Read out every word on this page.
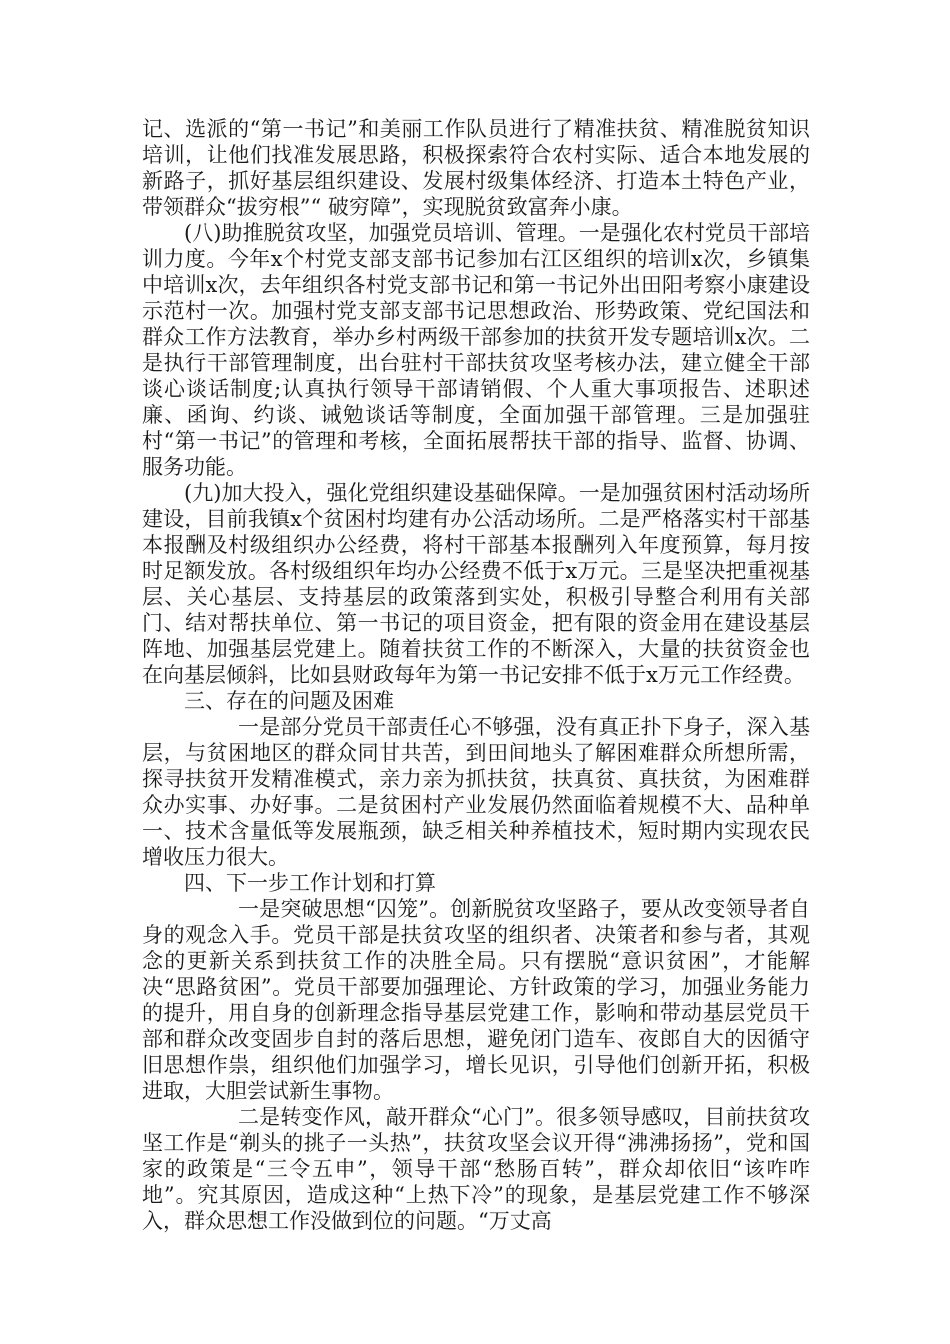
记、选派的“第一书记”和美丽工作队员进行了精准扶贫、精准脱贫知识培训，让他们找准发展思路，积极探索符合农村实际、适合本地发展的新路子，抓好基层组织建设、发展村级集体经济、打造本土特色产业，带领群众“拔穷根”“ 破穷障”，实现脱贫致富奔小康。

(八)助推脱贫攻坚，加强党员培训、管理。一是强化农村党员干部培训力度。今年x个村党支部支部书记参加右江区组织的培训x次，乡镇集中培训x次，去年组织各村党支部书记和第一书记外出田阳考察小康建设示范村一次。加强村党支部支部书记思想政治、形势政策、党纪国法和群众工作方法教育，举办乡村两级干部参加的扶贫开发专题培训x次。二是执行干部管理制度，出台驻村干部扶贫攻坚考核办法，建立健全干部谈心谈话制度;认真执行领导干部请销假、个人重大事项报告、述职述廉、函询、约谈、诫勉谈话等制度，全面加强干部管理。三是加强驻村“第一书记”的管理和考核，全面拓展帮扶干部的指导、监督、协调、服务功能。

(九)加大投入，强化党组织建设基础保障。一是加强贫困村活动场所建设，目前我镇x个贫困村均建有办公活动场所。二是严格落实村干部基本报酬及村级组织办公经费，将村干部基本报酬列入年度预算，每月按时足额发放。各村级组织年均办公经费不低于x万元。三是坚决把重视基层、关心基层、支持基层的政策落到实处，积极引导整合利用有关部门、结对帮扶单位、第一书记的项目资金，把有限的资金用在建设基层阵地、加强基层党建上。随着扶贫工作的不断深入，大量的扶贫资金也在向基层倾斜，比如县财政每年为第一书记安排不低于x万元工作经费。

三、存在的问题及困难

一是部分党员干部责任心不够强，没有真正扑下身子，深入基层，与贫困地区的群众同甘共苦，到田间地头了解困难群众所想所需，探寻扶贫开发精准模式，亲力亲为抓扶贫，扶真贫、真扶贫，为困难群众办实事、办好事。二是贫困村产业发展仍然面临着规模不大、品种单一、技术含量低等发展瓶颈，缺乏相关种养植技术，短时期内实现农民增收压力很大。

四、下一步工作计划和打算

一是突破思想“囚笼”。创新脱贫攻坚路子，要从改变领导者自身的观念入手。党员干部是扶贫攻坚的组织者、决策者和参与者，其观念的更新关系到扶贫工作的决胜全局。只有摆脱“意识贫困”，才能解决“思路贫困”。党员干部要加强理论、方针政策的学习，加强业务能力的提升，用自身的创新理念指导基层党建工作，影响和带动基层党员干部和群众改变固步自封的落后思想，避免闭门造车、夜郎自大的因循守旧思想作祟，组织他们加强学习，增长见识，引导他们创新开拓，积极进取，大胆尝试新生事物。

二是转变作风，敲开群众“心门”。很多领导感叹，目前扶贫攻坚工作是“剃头的挑子一头热”，扶贫攻坚会议开得“沸沸扬扬”，党和国家的政策是“三令五申”，领导干部“愁肠百转”，群众却依旧“该咋咋地”。究其原因，造成这种“上热下冷”的现象，是基层党建工作不够深入，群众思想工作没做到位的问题。“万丈高
